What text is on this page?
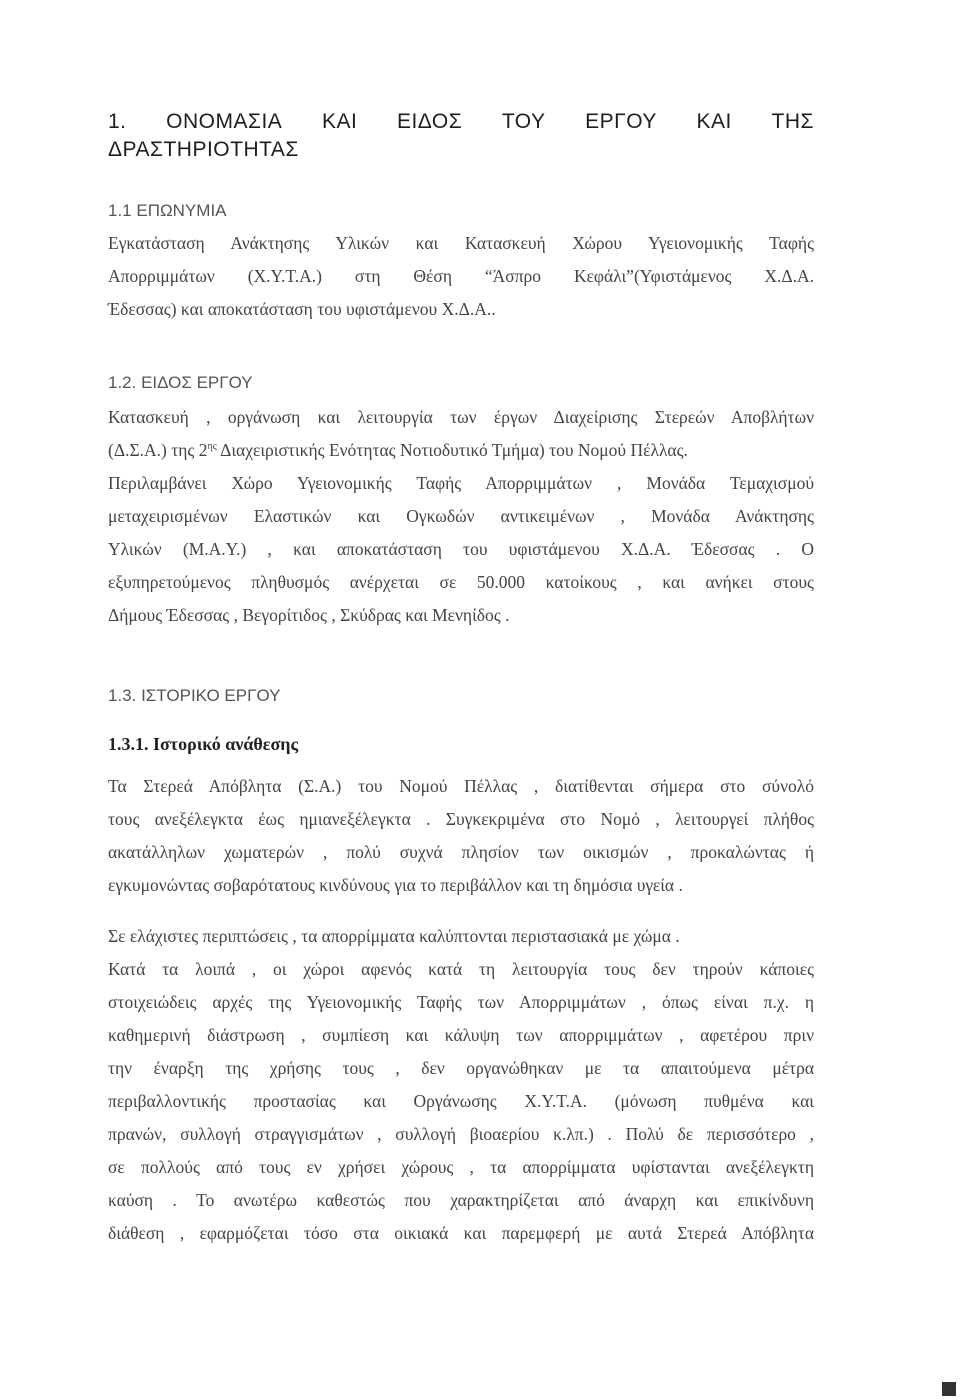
1. ΟΝΟΜΑΣΙΑ ΚΑΙ ΕΙΔΟΣ ΤΟΥ ΕΡΓΟΥ ΚΑΙ ΤΗΣ
ΔΡΑΣΤΗΡΙΟΤΗΤΑΣ
1.1 ΕΠΩΝΥΜΙΑ
Εγκατάσταση Ανάκτησης Υλικών και Κατασκευή Χώρου Υγειονομικής Ταφής
Απορριμμάτων (Χ.Υ.Τ.Α.) στη Θέση “Άσπρο Κεφάλι”(Υφιστάμενος Χ.Δ.Α.
Έδεσσας) και αποκατάσταση του υφιστάμενου Χ.Δ.Α..
1.2. ΕΙΔΟΣ ΕΡΓΟΥ
Κατασκευή , οργάνωση και λειτουργία των έργων Διαχείρισης Στερεών Αποβλήτων
(Δ.Σ.Α.) της $2^{\eta\varsigma}$ Διαχειριστικής Ενότητας Νοτιοδυτικό Τμήμα) του Νομού Πέλλας.
Περιλαμβάνει Χώρο Υγειονομικής Ταφής Απορριμμάτων , Μονάδα Τεμαχισμού
μεταχειρισμένων Ελαστικών και Ογκωδών αντικειμένων , Μονάδα Ανάκτησης
Υλικών (Μ.Α.Υ.) , και αποκατάσταση του υφιστάμενου Χ.Δ.Α. Έδεσσας . Ο
εξυπηρετούμενος πληθυσμός ανέρχεται σε 50.000 κατοίκους , και ανήκει στους
Δήμους Έδεσσας , Βεγορίτιδος , Σκύδρας και Μενηίδος .
1.3. ΙΣΤΟΡΙΚΟ ΕΡΓΟΥ
1.3.1. Ιστορικό ανάθεσης
Τα Στερεά Απόβλητα (Σ.Α.) του Νομού Πέλλας , διατίθενται σήμερα στο σύνολό
τους ανεξέλεγκτα έως ημιανεξέλεγκτα . Συγκεκριμένα στο Νομό , λειτουργεί πλήθος
ακατάλληλων χωματερών , πολύ συχνά πλησίον των οικισμών , προκαλώντας ή
εγκυμονώντας σοβαρότατους κινδύνους για το περιβάλλον και τη δημόσια υγεία .
Σε ελάχιστες περιπτώσεις , τα απορρίμματα καλύπτονται περιστασιακά με χώμα .
Κατά τα λοιπά , οι χώροι αφενός κατά τη λειτουργία τους δεν τηρούν κάποιες
στοιχειώδεις αρχές της Υγειονομικής Ταφής των Απορριμμάτων , όπως είναι π.χ. η
καθημερινή διάστρωση , συμπίεση και κάλυψη των απορριμμάτων , αφετέρου πριν
την έναρξη της χρήσης τους , δεν οργανώθηκαν με τα απαιτούμενα μέτρα
περιβαλλοντικής προστασίας και Οργάνωσης Χ.Υ.Τ.Α. (μόνωση πυθμένα και
πρανών, συλλογή στραγγισμάτων , συλλογή βιοαερίου κ.λπ.) . Πολύ δε περισσότερο ,
σε πολλούς από τους εν χρήσει χώρους , τα απορρίμματα υφίστανται ανεξέλεγκτη
καύση . Το ανωτέρω καθεστώς που χαρακτηρίζεται από άναρχη και επικίνδυνη
διάθεση , εφαρμόζεται τόσο στα οικιακά και παρεμφερή με αυτά Στερεά Απόβλητα
